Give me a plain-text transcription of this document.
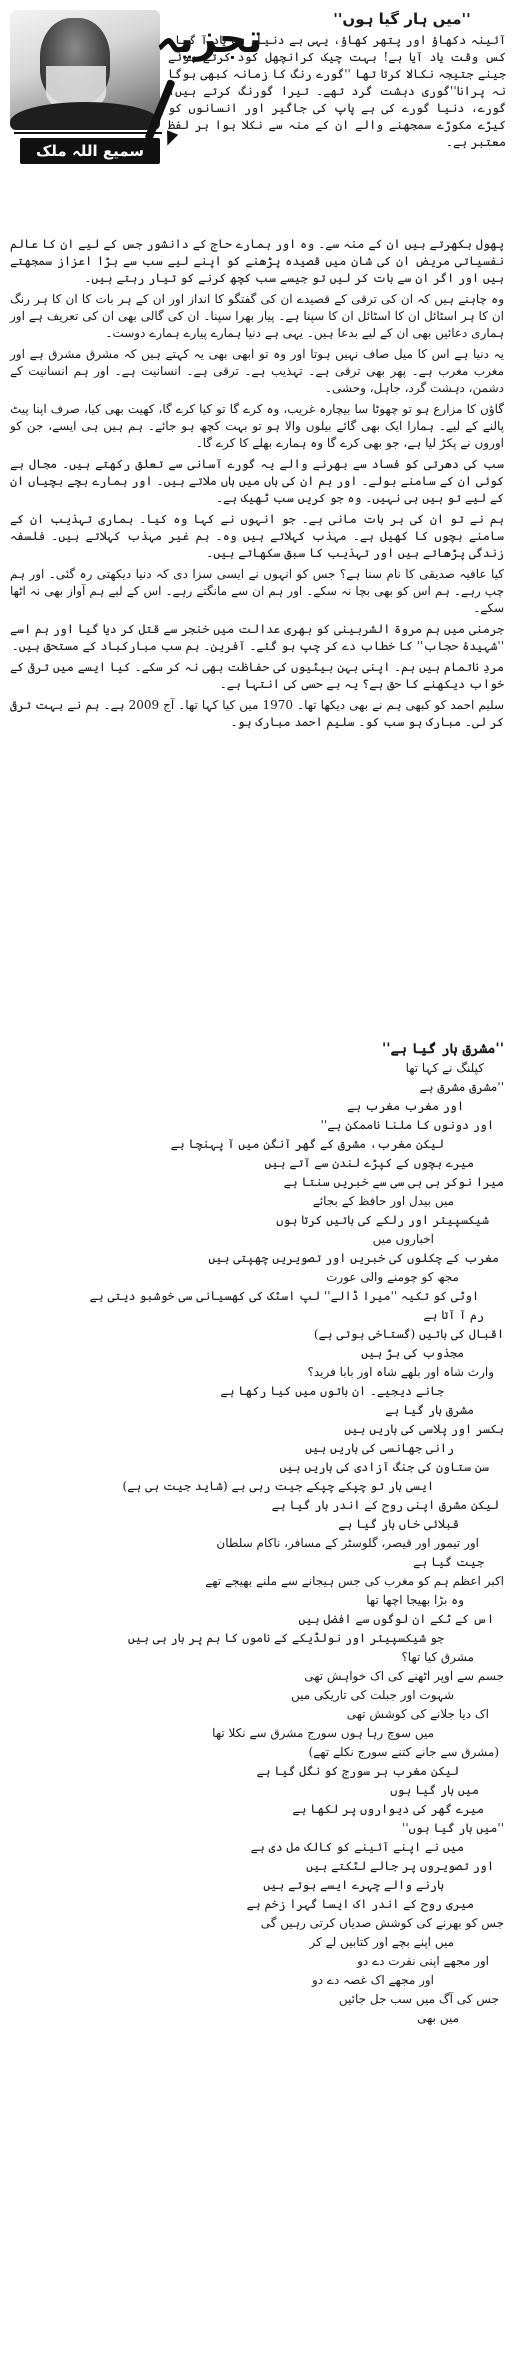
تجزیہ
سمیع اللہ ملک
''میں ہار گیا ہوں''

آئینہ دکھاؤ اور پتھر کھاؤ، یہی ہے دنیا۔ وہ یاد آ گیا، کس وقت یاد آیا ہے! بہت چیک کرانچھل کود کرتے ہوئے جینے جتیجہ نکالا کرتا تھا ''گورے رنگ کا زمانہ کبھی ہوگا نہ پرانا''گوری دہشت گرد تھے۔ تیرا گورنگ کرتے ہیں، گورے، دنیا گورے کی ہے پاپ کی جاگیر اور انسانوں کو کیڑے مکوڑے سمجھنے والے ان کے منہ سے نکلا ہوا ہر لفظ معتبر ہے۔

پھول بکھرتے ہیں ان کے منہ سے۔ وہ اور ہمارے حاج کے دانشور جس کے لیے ان کا عالم نفسیاتی مریض ان کی شان میں قصیدہ پڑھنے کو اپنے لیے سب سے بڑا اعزاز سمجھتے ہیں اور اگر ان سے بات کر لیں تو جیسے سب کچھ کرنے کو تیار رہتے ہیں۔

وہ چاہتے ہیں کہ ان کی ترقی کے قصیدے ان کی گفتگو کا انداز اور ان کے ہر بات کا ان کا ہر رنگ ان کا ہر اسٹائل ان کا اسٹائل ان کا سپنا ہے۔ پیار بھرا سپنا۔ ان کی گالی بھی ان کی تعریف ہے اور ہماری دعائیں بھی ان کے لیے بدعا ہیں۔ یہی ہے دنیا ہمارے پیارے ہمارے دوست۔

یہ دنیا ہے اس کا میل صاف نہیں ہوتا اور وہ تو ابھی بھی یہ کہتے ہیں کہ مشرق مشرق ہے اور مغرب مغرب ہے۔ پھر بھی ترقی ہے۔ تہذیب ہے۔ ترقی ہے۔ انسانیت ہے۔ اور ہم انسانیت کے دشمن، دہشت گرد، جاہل، وحشی۔

گاؤں کا مزارع ہو تو چھوٹا سا بیچارہ غریب، وہ کرے گا تو کیا کرے گا، کھیت بھی کیا، صرف اپنا پیٹ پالنے کے لیے۔ ہمارا ایک بھی گائے بیلوں والا ہو تو بہت کچھ ہو جائے۔ ہم ہیں ہی ایسے، جن کو اوروں نے پکڑ لیا ہے، جو بھی کرے گا وہ ہمارے بھلے کا کرے گا۔

سب کی دھرتی کو فساد سے بھرنے والے یہ گورے آسانی سے تعلق رکھتے ہیں۔ مجال ہے کوئی ان کے سامنے بولے۔ اور ہم ان کی ہاں میں ہاں ملاتے ہیں۔ اور ہمارے بچے بچیاں ان کے لیے تو ہیں ہی نہیں۔ وہ جو کریں سب ٹھیک ہے۔

ہم نے تو ان کی ہر بات مانی ہے۔ جو انہوں نے کہا وہ کیا۔ ہماری تہذیب ان کے سامنے بچوں کا کھیل ہے۔ مہذب کہلاتے ہیں وہ۔ ہم غیر مہذب کہلاتے ہیں۔ فلسفہ زندگی پڑھاتے ہیں اور تہذیب کا سبق سکھاتے ہیں۔

کیا عافیہ صدیقی کا نام سنا ہے؟ جس کو انہوں نے ایسی سزا دی کہ دنیا دیکھتی رہ گئی۔ اور ہم چپ رہے۔ ہم اس کو بھی بچا نہ سکے۔ اور ہم ان سے مانگتے رہے۔ اس کے لیے ہم آواز بھی نہ اٹھا سکے۔

جرمنی میں ہم مروۃ الشربینی کو بھری عدالت میں خنجر سے قتل کر دیا گیا اور ہم اسے ''شہیدۂ حجاب'' کا خطاب دے کر چپ ہو گئے۔ آفرین۔ ہم سب مبارکباد کے مستحق ہیں۔

مردِ ناتمام ہیں ہم۔ اپنی بہن بیٹیوں کی حفاظت بھی نہ کر سکے۔ کیا ایسے میں ترقی کے خواب دیکھنے کا حق ہے؟ یہ بے حسی کی انتہا ہے۔

سلیم احمد کو کبھی ہم نے بھی دیکھا تھا۔ 1970 میں کیا کہا تھا۔ آج 2009 ہے۔ ہم نے بہت ترقی کر لی۔ مبارک ہو سب کو۔ سلیم احمد مبارک ہو۔

''مشرق ہار گیا ہے''
کپلنگ نے کہا تھا
''مشرق مشرق ہے
اور مغرب مغرب ہے
اور دونوں کا ملنا ناممکن ہے''
لیکن مغرب، مشرق کے گھر آنگن میں آ پہنچا ہے
میرے بچوں کے کپڑے لندن سے آتے ہیں
میرا نوکر بی بی سی سے خبریں سنتا ہے
میں بیدل اور حافظ کے بجائے
شیکسپیئر اور رلکے کی باتیں کرتا ہوں
اخباروں میں
مغرب کے چکلوں کی خبریں اور تصویریں چھپتی ہیں
مجھ کو چومنے والی عورت
اوٹی کو تکیہ ''میرا ڈالے'' لپ اسٹک کی کھسیانی سی خوشبو دیتی ہے
رم آ آتا ہے
اقبال کی باتیں (گستاخی ہوتی ہے)
مجذوب کی بڑ ہیں
وارث شاہ اور بلھے شاہ اور بابا فرید؟
جانے دیجیے۔ ان باتوں میں کیا رکھا ہے
مشرق ہار گیا ہے
بکسر اور پلاسی کی ہاریں ہیں
رانی جھانسی کی ہاریں ہیں
سن ستاون کی جنگ آزادی کی ہاریں ہیں
ایسی ہار تو چپکے چپکے جیت رہی ہے (شاید جیت ہی ہے)
لیکن مشرق اپنی روح کے اندر ہار گیا ہے
قبلائی خاں ہار گیا ہے
اور تیمور اور قیصر، گلوسٹر کے مسافر، ناکام سلطان
جیت گیا ہے
اکبر اعظم ہم کو مغرب کی جس ہیجانے سے ملنے بھیجے تھے
وہ بڑا بھیجا اچھا تھا
اس کے ٹکے ان لوگوں سے افضل ہیں
جو شیکسپیئر اور نولڈیکے کے ناموں کا ہم پر بار ہی ہیں
مشرق کیا تھا؟
جسم سے اوپر اٹھنے کی اک خواہش تھی
شہوت اور جبلت کی تاریکی میں
اک دیا جلانے کی کوشش تھی
میں سوچ رہا ہوں سورج مشرق سے نکلا تھا
(مشرق سے جانے کتنے سورج نکلے تھے)
لیکن مغرب ہر سورج کو نگل گیا ہے
میں ہار گیا ہوں
میرے گھر کی دیواروں پر لکھا ہے
''میں ہار گیا ہوں''
میں نے اپنے آئینے کو کالک مل دی ہے
اور تصویروں پر جالے لٹکتے ہیں
ہارنے والے چہرے ایسے ہوتے ہیں
میری روح کے اندر اک ایسا گہرا زخم ہے
جس کو بھرنے کی کوشش صدیاں کرتی رہیں گی
میں اپنے بچے اور کتابیں لے کر
اور مجھے اپنی نفرت دے دو
اور مجھے اک غصہ دے دو
جس کی آگ میں سب جل جائیں
میں بھی
